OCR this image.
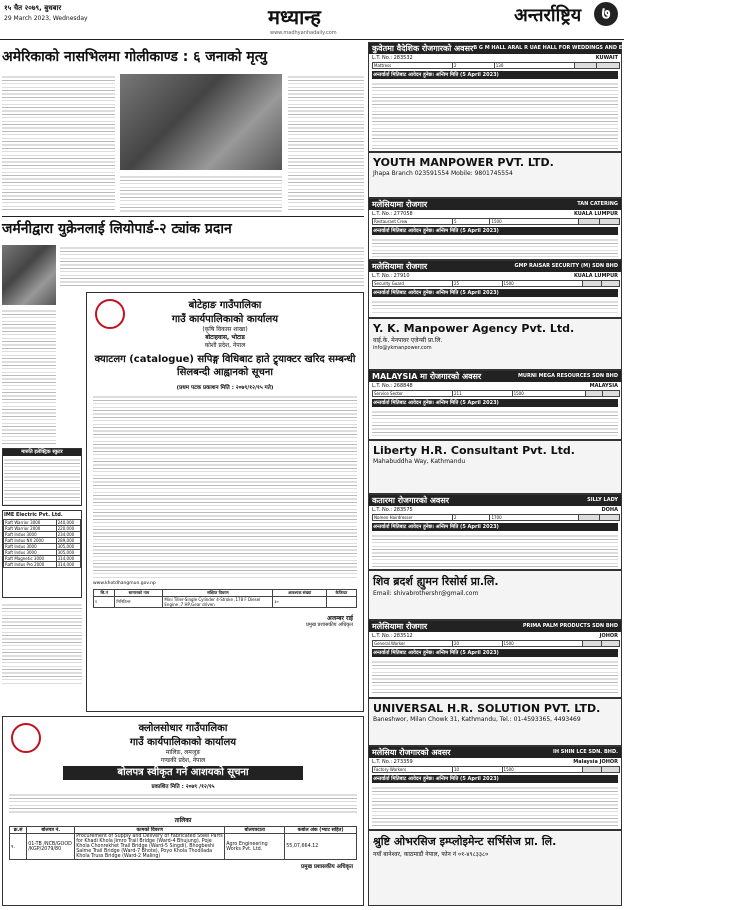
१५ चैत २०७९, बुधबार
29 March 2023, Wednesday	मध्यान्ह
www.madhyanhadaily.com
अन्तर्राष्ट्रिय	७
अमेरिकाको नासभिलमा गोलीकाण्ड : ६ जनाको मृत्यु
जर्मनीद्वारा युक्रेनलाई लियोपार्ड-२ ट्यांक प्रदान
मारुति इलेक्ट्रिक स्कुटर
IME Electric Pvt. Ltd.
Raft Warrior 3000	240,000
Raft Warrior 2000	220,000
Raft Indus 3000	234,000
Raft Indus NX 2000	289,000
Raft Indus 3000	305,000
Raft Indus 3000	305,000
Raft Magnetic 3000	314,000
Raft Indus Pro 2000	314,000
बोटेहाङ गाउँपालिका
गाउँ कार्यपालिकाको कार्यालय
(कृषि विकास शाखा)
बोटाहवास, भोटाड
कोशी प्रदेश, नेपाल
क्याटलग (catalogue) सपिङ्ग विधिबाट हाते ट्र्याक्टर खरिद सम्बन्धी सिलबन्दी आह्वानको सूचना
(प्रथम पटक प्रकाशन मिति : २०७९/१२/१५ गते)
www.khotdhangmun.gov.np
सि.नं	सामानको नाम	संक्षिप्त विवरण	आवश्यक संख्या	कैफियत
१	मिनिटिलर	Mini Tiller-Single Cylinder 4-Stroke ,178 F Diesel Engine ,7 HP,Gear driven	३०	
अजम्बर राई
प्रमुख प्रशासकीय अधिकृत
क्लोलसोधार गाउँपालिका
गाउँ कार्यपालिकाको कार्यालय
मालिङ, लमजुङ
गण्डकी प्रदेश, नेपाल
बोलपत्र स्वीकृत गर्ने आशयको सूचना
प्रकाशित मिति : २०७९ /१२/१५
तालिका
क्र.सं	बोलपत्र नं.	कामको विवरण	बोलपत्रदाता	कबोल अंक (भ्याट सहित)
१.	01-TB /NCB/GOOD /KGP/2079/80	Procurement of Supply and Delivery of Fabricated Steel Parts for Khadi Khola Jimro Trail Bridge (Ward-4 Bhujung), Poje Khola Chonrekhet Trail Bridge (Ward-5 Singdi), Bhogbeshi Salme Trail Bridge (Ward-7 Bhote), Poyo Khola Thodilada Khola Truss Bridge (Ward-2 Maling)	Agro Engineering Works Pvt. Ltd.	55,07,664.12
प्रमुख प्रशासकीय अधिकृत
कुवेतमा वैदेशिक रोजगारको अवसर B G M HALL ARAL R UAE HALL FOR WEDDINGS AND EXHIBITION AND CONFERENCES COMPANY
L.T. No.: 283532	KUWAIT
Mattress	2	130		
अन्तर्वार्ता मितिबाट आवेदन हुनेछ। अन्तिम मिति (5 April 2023)
मलेसियामा रोजगार	TAN CATERING
L.T. No.: 277058	KUALA LUMPUR
Restaurant Crew	5	1500		
अन्तर्वार्ता मितिबाट आवेदन हुनेछ। अन्तिम मिति (5 April 2023)
मलेसियामा रोजगार	GMP RAISAR SECURITY (M) SDN BHD
L.T. No.: 27910	KUALA LUMPUR
Security Guard	25	1500		
अन्तर्वार्ता मितिबाट आवेदन हुनेछ। अन्तिम मिति (5 April 2023)
MALAYSIA मा रोजगारको अवसर	MURNI MEGA RESOURCES SDN BHD
L.T. No.: 268848	MALAYSIA
Service Sector	211	1500		
अन्तर्वार्ता मितिबाट आवेदन हुनेछ। अन्तिम मिति (5 April 2023)
कतारमा रोजगारको अवसर	SILLY LADY
L.T. No.: 283575	DOHA
Nomen Hairdresser	2	1700		
अन्तर्वार्ता मितिबाट आवेदन हुनेछ। अन्तिम मिति (5 April 2023)
मलेसियामा रोजगार	PRIMA PALM PRODUCTS SDN BHD
L.T. No.: 283512	JOHOR
General Worker	20	1500		
अन्तर्वार्ता मितिबाट आवेदन हुनेछ। अन्तिम मिति (5 April 2023)
मलेसिया रोजगारको अवसर	IH SHIN LCE SDN. BHD.
L.T. No.: 273359	Malaysia JOHOR
Factory Workers	10	1500		
अन्तर्वार्ता मितिबाट आवेदन हुनेछ। अन्तिम मिति (5 April 2023)
YOUTH MANPOWER PVT. LTD.
Jhapa Branch 023591554 Mobile: 9801745554
Y. K. Manpower Agency Pvt. Ltd.
वाई.के. मेनपावर एजेन्सी प्रा.लि.
info@ykmanpower.com
Liberty H.R. Consultant Pvt. Ltd.
Mahabuddha Way, Kathmandu
शिव ब्रदर्श ह्युमन रिसोर्स प्रा.लि.
Email: shivabrothershr@gmail.com
UNIVERSAL H.R. SOLUTION PVT. LTD.
Baneshwor, Milan Chowk 31, Kathmandu, Tel.: 01-4593365, 4493469
श्रुष्टि ओभरसिज इम्प्लोइमेन्ट सर्भिसेज प्रा. लि.
नयाँ बानेश्वर, काठमाडौं नेपाल, फोन नं ०१-४९८३३८०
